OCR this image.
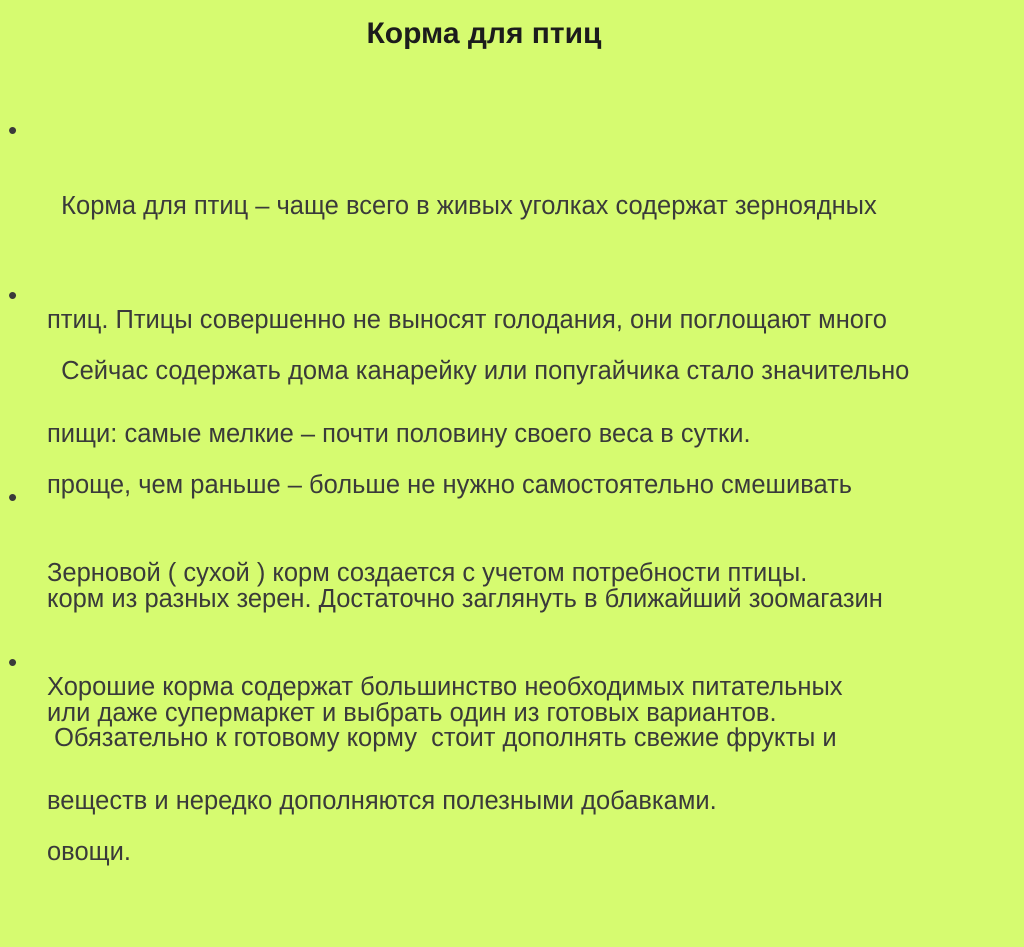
Корма для птиц
•

Корма для птиц – чаще всего в живых уголках содержат зерноядных

птиц. Птицы совершенно не выносят голодания, они поглощают много

пищи: самые мелкие – почти половину своего веса в сутки.

•

Сейчас содержать дома канарейку или попугайчика стало значительно

проще, чем раньше – больше не нужно самостоятельно смешивать

корм из разных зерен. Достаточно заглянуть в ближайший зоомагазин

или даже супермаркет и выбрать один из готовых вариантов.

•

Зерновой ( сухой ) корм создается с учетом потребности птицы.

Хорошие корма содержат большинство необходимых питательных

веществ и нередко дополняются полезными добавками.

•

Обязательно к готовому корму  стоит дополнять свежие фрукты и

овощи.
